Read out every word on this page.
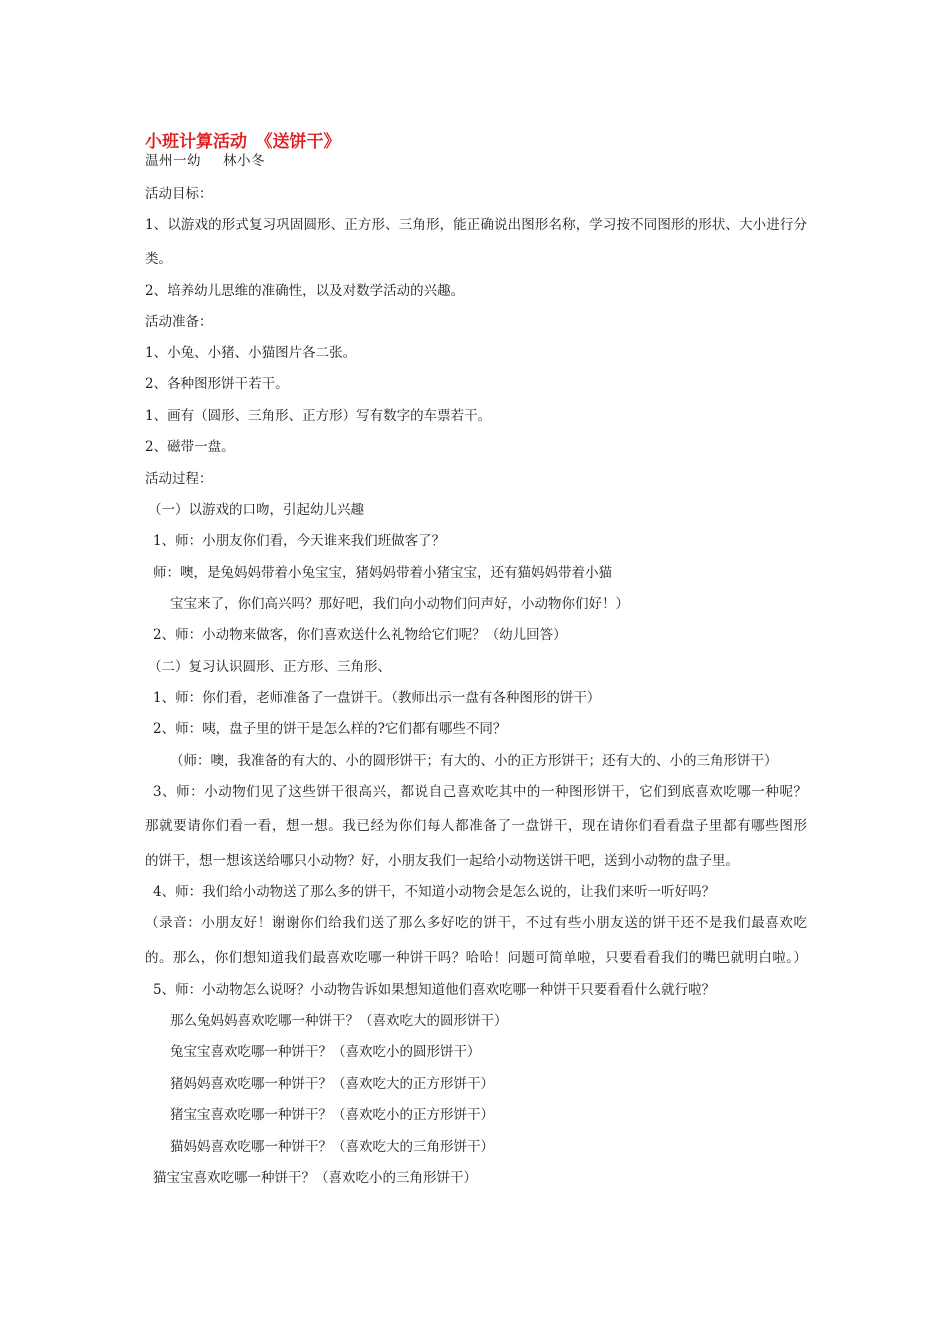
小班计算活动　《送饼干》
温州一幼 林小冬
活动目标：
1、以游戏的形式复习巩固圆形、正方形、三角形，能正确说出图形名称，学习按不同图形的形状、大小进行分
类。
2、培养幼儿思维的准确性，以及对数学活动的兴趣。
活动准备：
1、小兔、小猪、小猫图片各二张。
2、各种图形饼干若干。
1、画有（圆形、三角形、正方形）写有数字的车票若干。
2、磁带一盘。
活动过程：
（一）以游戏的口吻，引起幼儿兴趣
1、师：小朋友你们看，今天谁来我们班做客了？
师：噢，是兔妈妈带着小兔宝宝，猪妈妈带着小猪宝宝，还有猫妈妈带着小猫
宝宝来了，你们高兴吗？那好吧，我们向小动物们问声好，小动物你们好！）
2、师：小动物来做客，你们喜欢送什么礼物给它们呢？（幼儿回答）
（二）复习认识圆形、正方形、三角形、
1、师：你们看，老师准备了一盘饼干。（教师出示一盘有各种图形的饼干）
2、师：咦，盘子里的饼干是怎么样的?它们都有哪些不同？
（师：噢，我准备的有大的、小的圆形饼干；有大的、小的正方形饼干；还有大的、小的三角形饼干）
3、师：小动物们见了这些饼干很高兴，都说自己喜欢吃其中的一种图形饼干，它们到底喜欢吃哪一种呢？
那就要请你们看一看，想一想。我已经为你们每人都准备了一盘饼干，现在请你们看看盘子里都有哪些图形
的饼干，想一想该送给哪只小动物？好，小朋友我们一起给小动物送饼干吧，送到小动物的盘子里。
4、师：我们给小动物送了那么多的饼干，不知道小动物会是怎么说的，让我们来听一听好吗？
（录音：小朋友好！谢谢你们给我们送了那么多好吃的饼干，不过有些小朋友送的饼干还不是我们最喜欢吃
的。那么，你们想知道我们最喜欢吃哪一种饼干吗？哈哈！问题可简单啦，只要看看我们的嘴巴就明白啦。）
5、师：小动物怎么说呀？小动物告诉如果想知道他们喜欢吃哪一种饼干只要看看什么就行啦？
那么兔妈妈喜欢吃哪一种饼干？（喜欢吃大的圆形饼干）
兔宝宝喜欢吃哪一种饼干？（喜欢吃小的圆形饼干）
猪妈妈喜欢吃哪一种饼干？（喜欢吃大的正方形饼干）
猪宝宝喜欢吃哪一种饼干？（喜欢吃小的正方形饼干）
猫妈妈喜欢吃哪一种饼干？（喜欢吃大的三角形饼干）
猫宝宝喜欢吃哪一种饼干？（喜欢吃小的三角形饼干）
